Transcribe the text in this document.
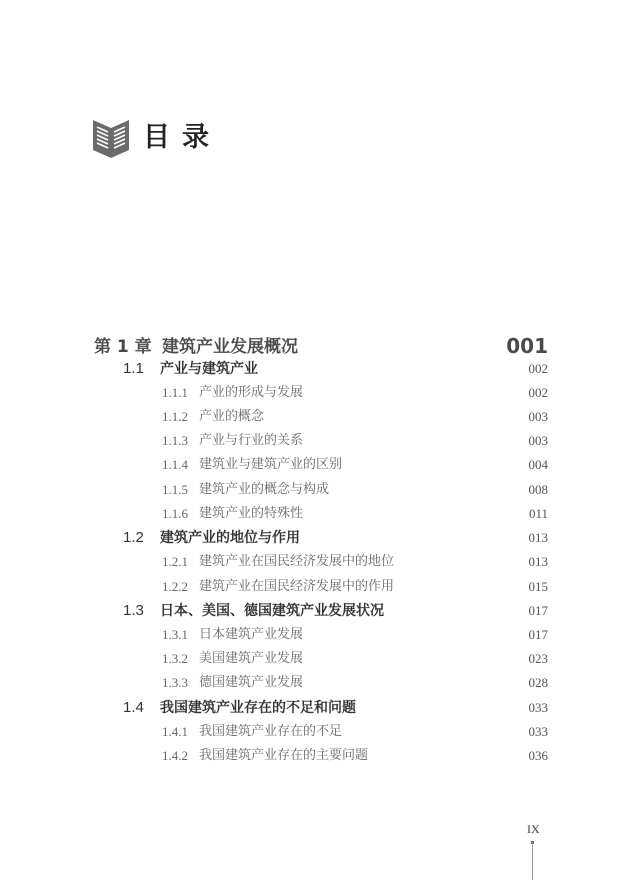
目录
第 1 章 建筑产业发展概况	001
1.1 产业与建筑产业	002
1.1.1 产业的形成与发展	002
1.1.2 产业的概念	003
1.1.3 产业与行业的关系	003
1.1.4 建筑业与建筑产业的区别	004
1.1.5 建筑产业的概念与构成	008
1.1.6 建筑产业的特殊性	011
1.2 建筑产业的地位与作用	013
1.2.1 建筑产业在国民经济发展中的地位	013
1.2.2 建筑产业在国民经济发展中的作用	015
1.3 日本、美国、德国建筑产业发展状况	017
1.3.1 日本建筑产业发展	017
1.3.2 美国建筑产业发展	023
1.3.3 德国建筑产业发展	028
1.4 我国建筑产业存在的不足和问题	033
1.4.1 我国建筑产业存在的不足	033
1.4.2 我国建筑产业存在的主要问题	036
IX
